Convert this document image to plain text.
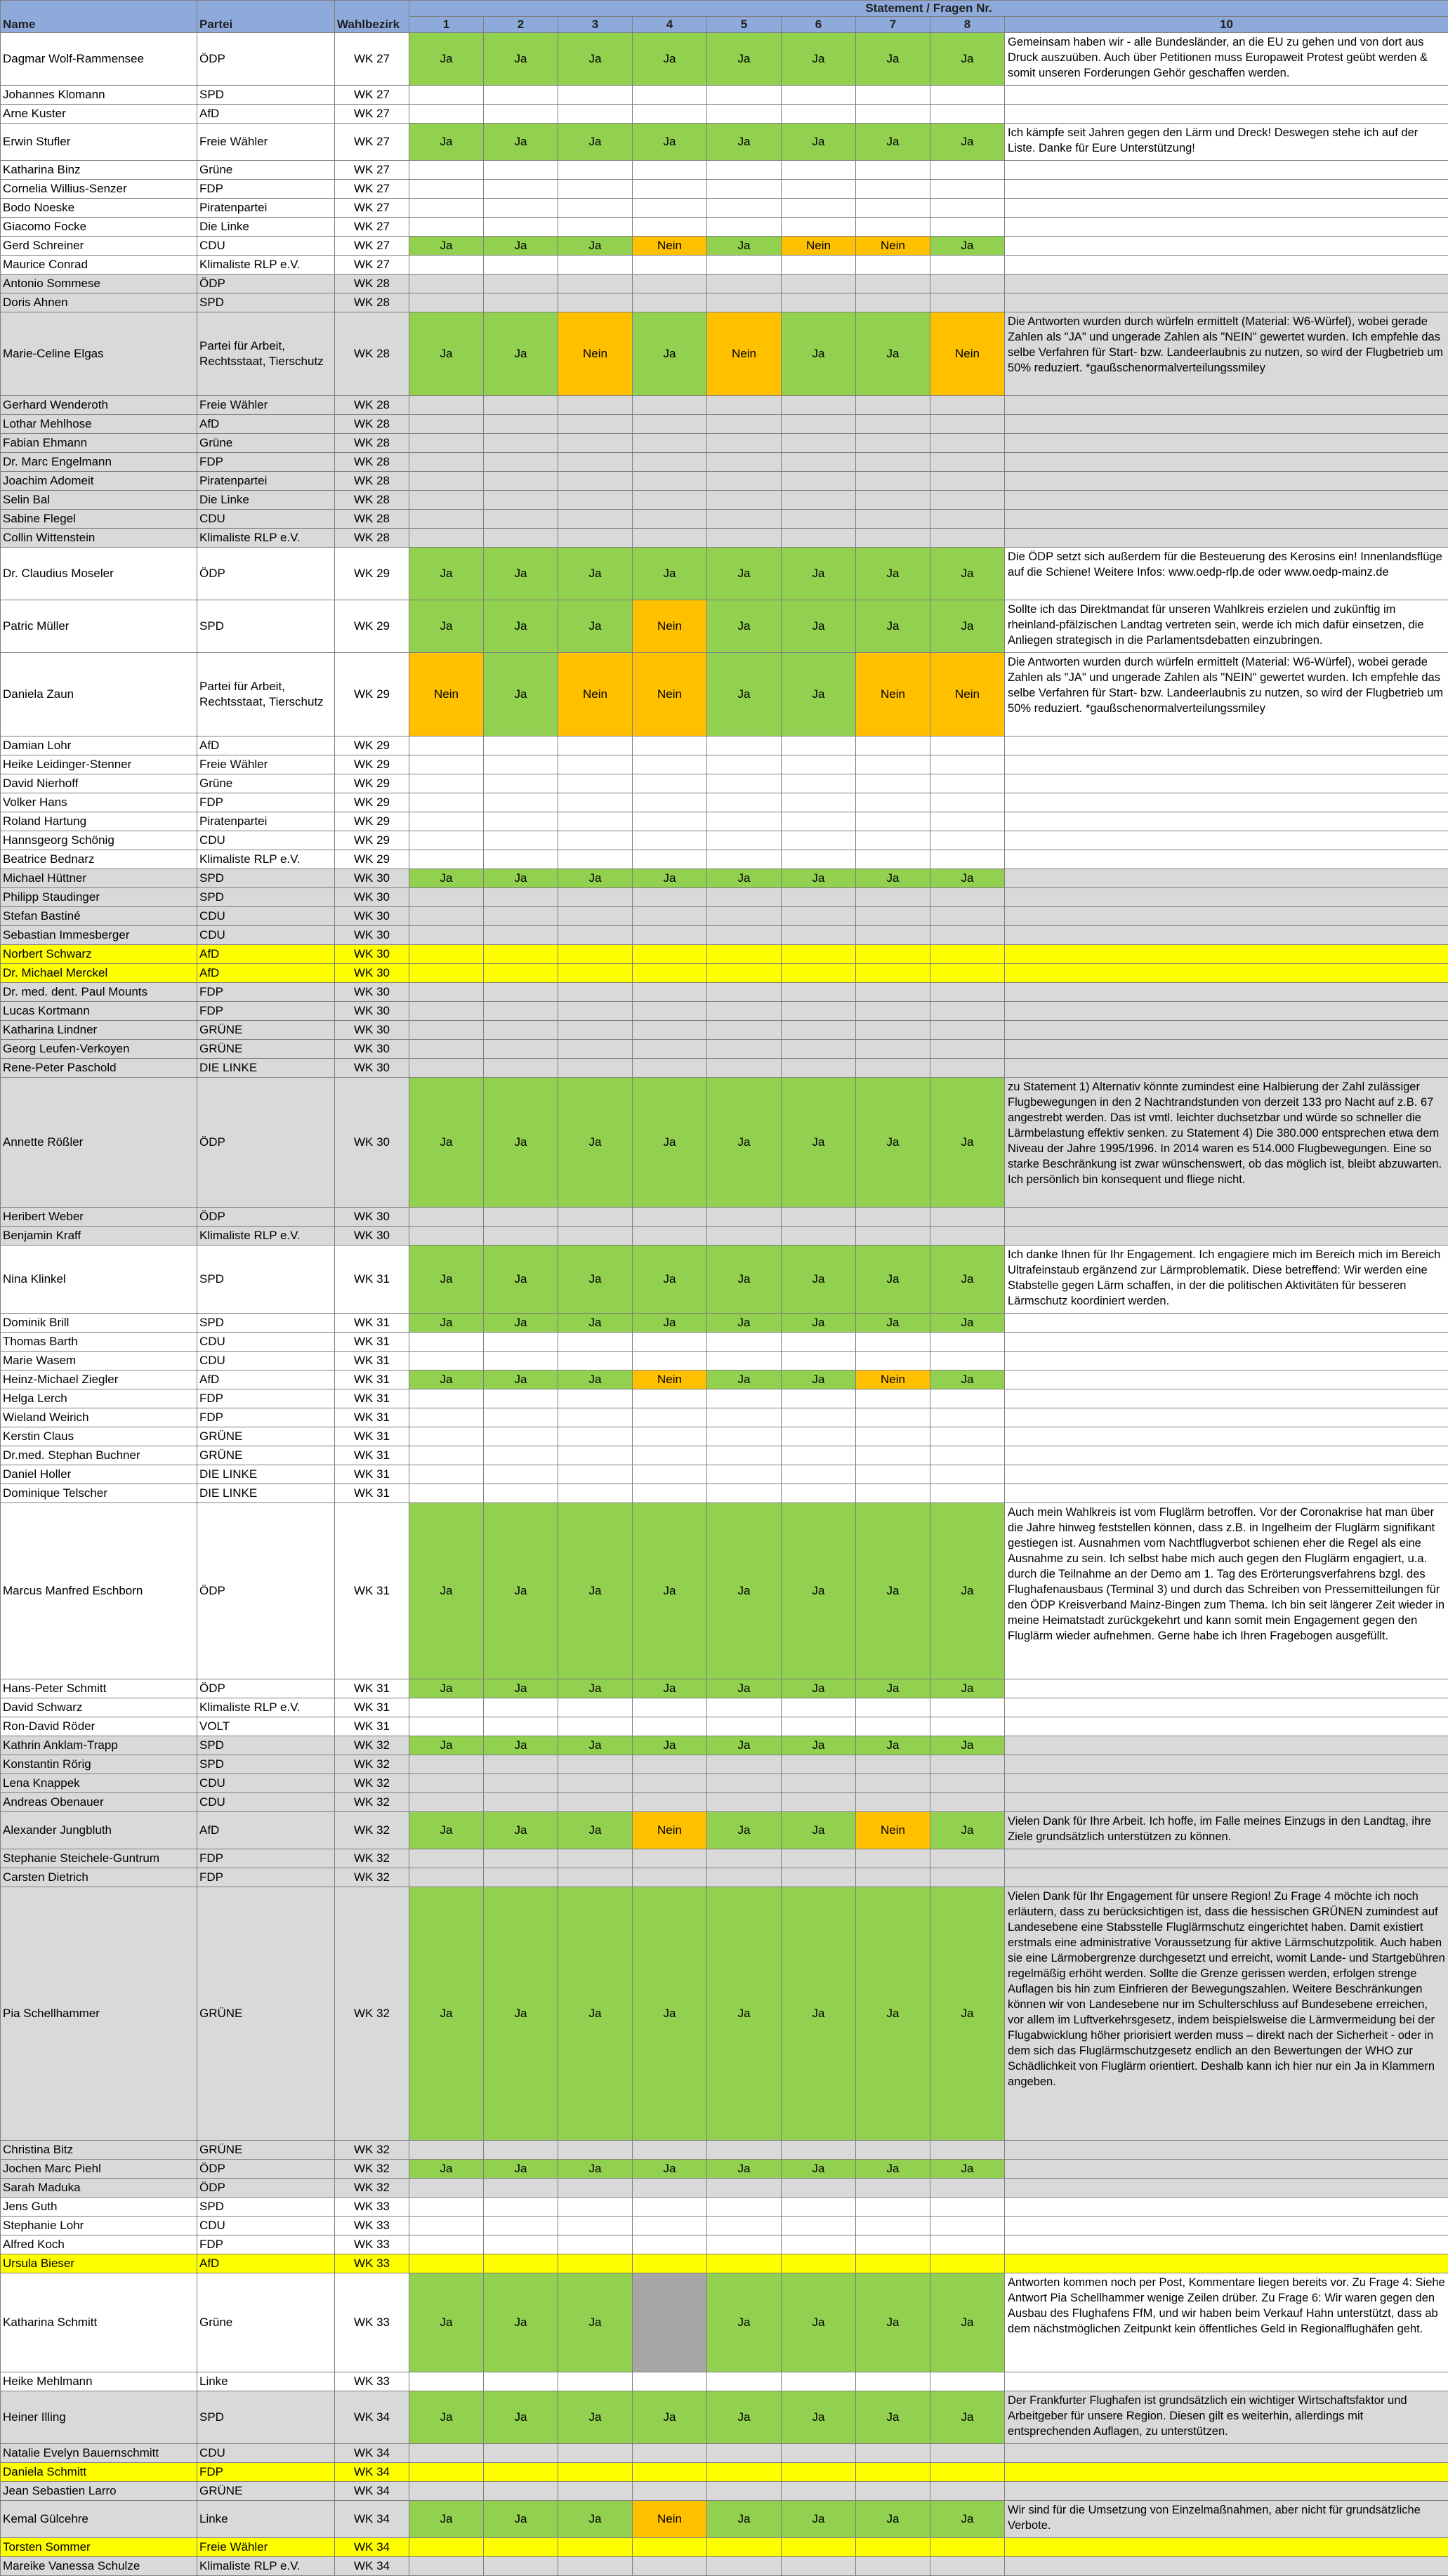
Name	Partei	Wahlbezirk	Statement / Fragen Nr.								
			1	2	3	4	5	6	7	8	10
Dagmar Wolf-Rammensee	ÖDP	WK 27	Ja	Ja	Ja	Ja	Ja	Ja	Ja	Ja	Gemeinsam haben wir - alle Bundesländer, an die EU zu gehen und von dort aus Druck auszuüben. Auch über Petitionen muss Europaweit Protest geübt werden & somit unseren Forderungen Gehör geschaffen werden.
Johannes Klomann	SPD	WK 27									
Arne Kuster	AfD	WK 27									
Erwin Stufler	Freie Wähler	WK 27	Ja	Ja	Ja	Ja	Ja	Ja	Ja	Ja	Ich kämpfe seit Jahren gegen den Lärm und Dreck! Deswegen stehe ich auf der Liste. Danke für Eure Unterstützung!
Katharina Binz	Grüne	WK 27									
Cornelia Willius-Senzer	FDP	WK 27									
Bodo Noeske	Piratenpartei	WK 27									
Giacomo Focke	Die Linke	WK 27									
Gerd Schreiner	CDU	WK 27	Ja	Ja	Ja	Nein	Ja	Nein	Nein	Ja	
Maurice Conrad	Klimaliste RLP e.V.	WK 27									
Antonio Sommese	ÖDP	WK 28									
Doris Ahnen	SPD	WK 28									
Marie-Celine Elgas	Partei für Arbeit, Rechtsstaat, Tierschutz	WK 28	Ja	Ja	Nein	Ja	Nein	Ja	Ja	Nein	Die Antworten wurden durch würfeln ermittelt (Material: W6-Würfel), wobei gerade Zahlen als "JA" und ungerade Zahlen als "NEIN" gewertet wurden. Ich empfehle das selbe Verfahren für Start- bzw. Landeerlaubnis zu nutzen, so wird der Flugbetrieb um 50% reduziert. *gaußschenormalverteilungssmiley
Gerhard Wenderoth	Freie Wähler	WK 28									
Lothar Mehlhose	AfD	WK 28									
Fabian Ehmann	Grüne	WK 28									
Dr. Marc Engelmann	FDP	WK 28									
Joachim Adomeit	Piratenpartei	WK 28									
Selin Bal	Die Linke	WK 28									
Sabine Flegel	CDU	WK 28									
Collin Wittenstein	Klimaliste RLP e.V.	WK 28									
Dr. Claudius Moseler	ÖDP	WK 29	Ja	Ja	Ja	Ja	Ja	Ja	Ja	Ja	Die ÖDP setzt sich außerdem für die Besteuerung des Kerosins ein! Innenlandsflüge auf die Schiene! Weitere Infos: www.oedp-rlp.de oder www.oedp-mainz.de
Patric Müller	SPD	WK 29	Ja	Ja	Ja	Nein	Ja	Ja	Ja	Ja	Sollte ich das Direktmandat für unseren Wahlkreis erzielen und zukünftig im rheinland-pfälzischen Landtag vertreten sein, werde ich mich dafür einsetzen, die Anliegen strategisch in die Parlamentsdebatten einzubringen.
Daniela Zaun	Partei für Arbeit, Rechtsstaat, Tierschutz	WK 29	Nein	Ja	Nein	Nein	Ja	Ja	Nein	Nein	Die Antworten wurden durch würfeln ermittelt (Material: W6-Würfel), wobei gerade Zahlen als "JA" und ungerade Zahlen als "NEIN" gewertet wurden. Ich empfehle das selbe Verfahren für Start- bzw. Landeerlaubnis zu nutzen, so wird der Flugbetrieb um 50% reduziert. *gaußschenormalverteilungssmiley
Damian Lohr	AfD	WK 29									
Heike Leidinger-Stenner	Freie Wähler	WK 29									
David Nierhoff	Grüne	WK 29									
Volker Hans	FDP	WK 29									
Roland Hartung	Piratenpartei	WK 29									
Hannsgeorg Schönig	CDU	WK 29									
Beatrice Bednarz	Klimaliste RLP e.V.	WK 29									
Michael Hüttner	SPD	WK 30	Ja	Ja	Ja	Ja	Ja	Ja	Ja	Ja	
Philipp Staudinger	SPD	WK 30									
Stefan Bastiné	CDU	WK 30									
Sebastian Immesberger	CDU	WK 30									
Norbert Schwarz	AfD	WK 30									
Dr. Michael Merckel	AfD	WK 30									
Dr. med. dent. Paul Mounts	FDP	WK 30									
Lucas Kortmann	FDP	WK 30									
Katharina Lindner	GRÜNE	WK 30									
Georg Leufen-Verkoyen	GRÜNE	WK 30									
Rene-Peter Paschold	DIE LINKE	WK 30									
Annette Rößler	ÖDP	WK 30	Ja	Ja	Ja	Ja	Ja	Ja	Ja	Ja	zu Statement 1) Alternativ könnte zumindest eine Halbierung der Zahl zulässiger Flugbewegungen in den 2 Nachtrandstunden von derzeit 133 pro Nacht auf z.B. 67 angestrebt werden. Das ist vmtl. leichter duchsetzbar und würde so schneller die Lärmbelastung effektiv senken. zu Statement 4) Die 380.000 entsprechen etwa dem Niveau der Jahre 1995/1996. In 2014 waren es 514.000 Flugbewegungen. Eine so starke Beschränkung ist zwar wünschenswert, ob das möglich ist, bleibt abzuwarten. Ich persönlich bin konsequent und fliege nicht.
Heribert Weber	ÖDP	WK 30									
Benjamin Kraff	Klimaliste RLP e.V.	WK 30									
Nina Klinkel	SPD	WK 31	Ja	Ja	Ja	Ja	Ja	Ja	Ja	Ja	Ich danke Ihnen für Ihr Engagement. Ich engagiere mich im Bereich mich im Bereich Ultrafeinstaub ergänzend zur Lärmproblematik. Diese betreffend: Wir werden eine Stabstelle gegen Lärm schaffen, in der die politischen Aktivitäten für besseren Lärmschutz koordiniert werden.
Dominik Brill	SPD	WK 31	Ja	Ja	Ja	Ja	Ja	Ja	Ja	Ja	
Thomas Barth	CDU	WK 31									
Marie Wasem	CDU	WK 31									
Heinz-Michael Ziegler	AfD	WK 31	Ja	Ja	Ja	Nein	Ja	Ja	Nein	Ja	
Helga Lerch	FDP	WK 31									
Wieland Weirich	FDP	WK 31									
Kerstin Claus	GRÜNE	WK 31									
Dr.med. Stephan Buchner	GRÜNE	WK 31									
Daniel Holler	DIE LINKE	WK 31									
Dominique Telscher	DIE LINKE	WK 31									
Marcus Manfred Eschborn	ÖDP	WK 31	Ja	Ja	Ja	Ja	Ja	Ja	Ja	Ja	Auch mein Wahlkreis ist vom Fluglärm betroffen. Vor der Coronakrise hat man über die Jahre hinweg feststellen können, dass z.B. in Ingelheim der Fluglärm signifikant gestiegen ist. Ausnahmen vom Nachtflugverbot schienen eher die Regel als eine Ausnahme zu sein. Ich selbst habe mich auch gegen den Fluglärm engagiert, u.a. durch die Teilnahme an der Demo am 1. Tag des Erörterungsverfahrens bzgl. des Flughafenausbaus (Terminal 3) und durch das Schreiben von Pressemitteilungen für den ÖDP Kreisverband Mainz-Bingen zum Thema. Ich bin seit längerer Zeit wieder in meine Heimatstadt zurückgekehrt und kann somit mein Engagement gegen den Fluglärm wieder aufnehmen. Gerne habe ich Ihren Fragebogen ausgefüllt.
Hans-Peter Schmitt	ÖDP	WK 31	Ja	Ja	Ja	Ja	Ja	Ja	Ja	Ja	
David Schwarz	Klimaliste RLP e.V.	WK 31									
Ron-David Röder	VOLT	WK 31									
Kathrin Anklam-Trapp	SPD	WK 32	Ja	Ja	Ja	Ja	Ja	Ja	Ja	Ja	
Konstantin Rörig	SPD	WK 32									
Lena Knappek	CDU	WK 32									
Andreas Obenauer	CDU	WK 32									
Alexander Jungbluth	AfD	WK 32	Ja	Ja	Ja	Nein	Ja	Ja	Nein	Ja	Vielen Dank für Ihre Arbeit. Ich hoffe, im Falle meines Einzugs in den Landtag, ihre Ziele grundsätzlich unterstützen zu können.
Stephanie Steichele-Guntrum	FDP	WK 32									
Carsten Dietrich	FDP	WK 32									
Pia Schellhammer	GRÜNE	WK 32	Ja	Ja	Ja	Ja	Ja	Ja	Ja	Ja	Vielen Dank für Ihr Engagement für unsere Region! Zu Frage 4 möchte ich noch erläutern, dass zu berücksichtigen ist, dass die hessischen GRÜNEN zumindest auf Landesebene eine Stabsstelle Fluglärmschutz eingerichtet haben. Damit existiert erstmals eine administrative Voraussetzung für aktive Lärmschutzpolitik. Auch haben sie eine Lärmobergrenze durchgesetzt und erreicht, womit Lande- und Startgebühren regelmäßig erhöht werden. Sollte die Grenze gerissen werden, erfolgen strenge Auflagen bis hin zum Einfrieren der Bewegungszahlen. Weitere Beschränkungen können wir von Landesebene nur im Schulterschluss auf Bundesebene erreichen, vor allem im Luftverkehrsgesetz, indem beispielsweise die Lärmvermeidung bei der Flugabwicklung höher priorisiert werden muss – direkt nach der Sicherheit - oder in dem sich das Fluglärmschutzgesetz endlich an den Bewertungen der WHO zur Schädlichkeit von Fluglärm orientiert. Deshalb kann ich hier nur ein Ja in Klammern angeben.
Christina Bitz	GRÜNE	WK 32									
Jochen Marc Piehl	ÖDP	WK 32	Ja	Ja	Ja	Ja	Ja	Ja	Ja	Ja	
Sarah Maduka	ÖDP	WK 32									
Jens Guth	SPD	WK 33									
Stephanie Lohr	CDU	WK 33									
Alfred Koch	FDP	WK 33									
Ursula Bieser	AfD	WK 33									
Katharina Schmitt	Grüne	WK 33	Ja	Ja	Ja		Ja	Ja	Ja	Ja	Antworten kommen noch per Post, Kommentare liegen bereits vor. Zu Frage 4: Siehe Antwort Pia Schellhammer wenige Zeilen drüber. Zu Frage 6: Wir waren gegen den Ausbau des Flughafens FfM, und wir haben beim Verkauf Hahn unterstützt, dass ab dem nächstmöglichen Zeitpunkt kein öffentliches Geld in Regionalflughäfen geht.
Heike Mehlmann	Linke	WK 33									
Heiner Illing	SPD	WK 34	Ja	Ja	Ja	Ja	Ja	Ja	Ja	Ja	Der Frankfurter Flughafen ist grundsätzlich ein wichtiger Wirtschaftsfaktor und Arbeitgeber für unsere Region. Diesen gilt es weiterhin, allerdings mit entsprechenden Auflagen, zu unterstützen.
Natalie Evelyn Bauernschmitt	CDU	WK 34									
Daniela Schmitt	FDP	WK 34									
Jean Sebastien Larro	GRÜNE	WK 34									
Kemal Gülcehre	Linke	WK 34	Ja	Ja	Ja	Nein	Ja	Ja	Ja	Ja	Wir sind für die Umsetzung von Einzelmaßnahmen, aber nicht für grundsätzliche Verbote.
Torsten Sommer	Freie Wähler	WK 34									
Mareike Vanessa Schulze	Klimaliste RLP e.V.	WK 34									
